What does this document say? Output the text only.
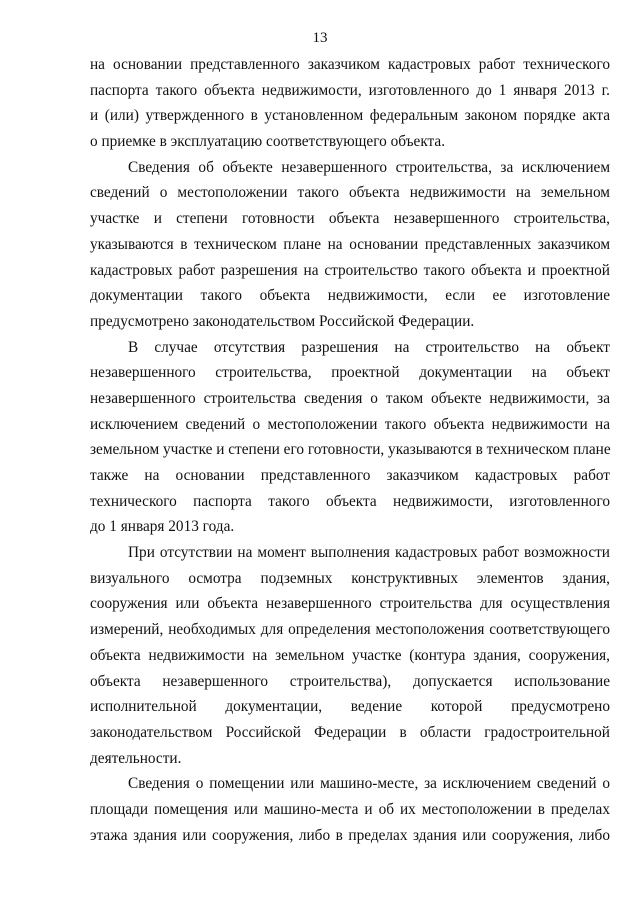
13
на основании представленного заказчиком кадастровых работ технического
паспорта такого объекта недвижимости, изготовленного до 1 января 2013 г.
и (или) утвержденного в установленном федеральным законом порядке акта
о приемке в эксплуатацию соответствующего объекта.
Сведения об объекте незавершенного строительства, за исключением
сведений о местоположении такого объекта недвижимости на земельном
участке и степени готовности объекта незавершенного строительства,
указываются в техническом плане на основании представленных заказчиком
кадастровых работ разрешения на строительство такого объекта и проектной
документации такого объекта недвижимости, если ее изготовление
предусмотрено законодательством Российской Федерации.
В случае отсутствия разрешения на строительство на объект
незавершенного строительства, проектной документации на объект
незавершенного строительства сведения о таком объекте недвижимости, за
исключением сведений о местоположении такого объекта недвижимости на
земельном участке и степени его готовности, указываются в техническом плане
также на основании представленного заказчиком кадастровых работ
технического паспорта такого объекта недвижимости, изготовленного
до 1 января 2013 года.
При отсутствии на момент выполнения кадастровых работ возможности
визуального осмотра подземных конструктивных элементов здания,
сооружения или объекта незавершенного строительства для осуществления
измерений, необходимых для определения местоположения соответствующего
объекта недвижимости на земельном участке (контура здания, сооружения,
объекта незавершенного строительства), допускается использование
исполнительной документации, ведение которой предусмотрено
законодательством Российской Федерации в области градостроительной
деятельности.
Сведения о помещении или машино-месте, за исключением сведений о
площади помещения или машино-места и об их местоположении в пределах
этажа здания или сооружения, либо в пределах здания или сооружения, либо
